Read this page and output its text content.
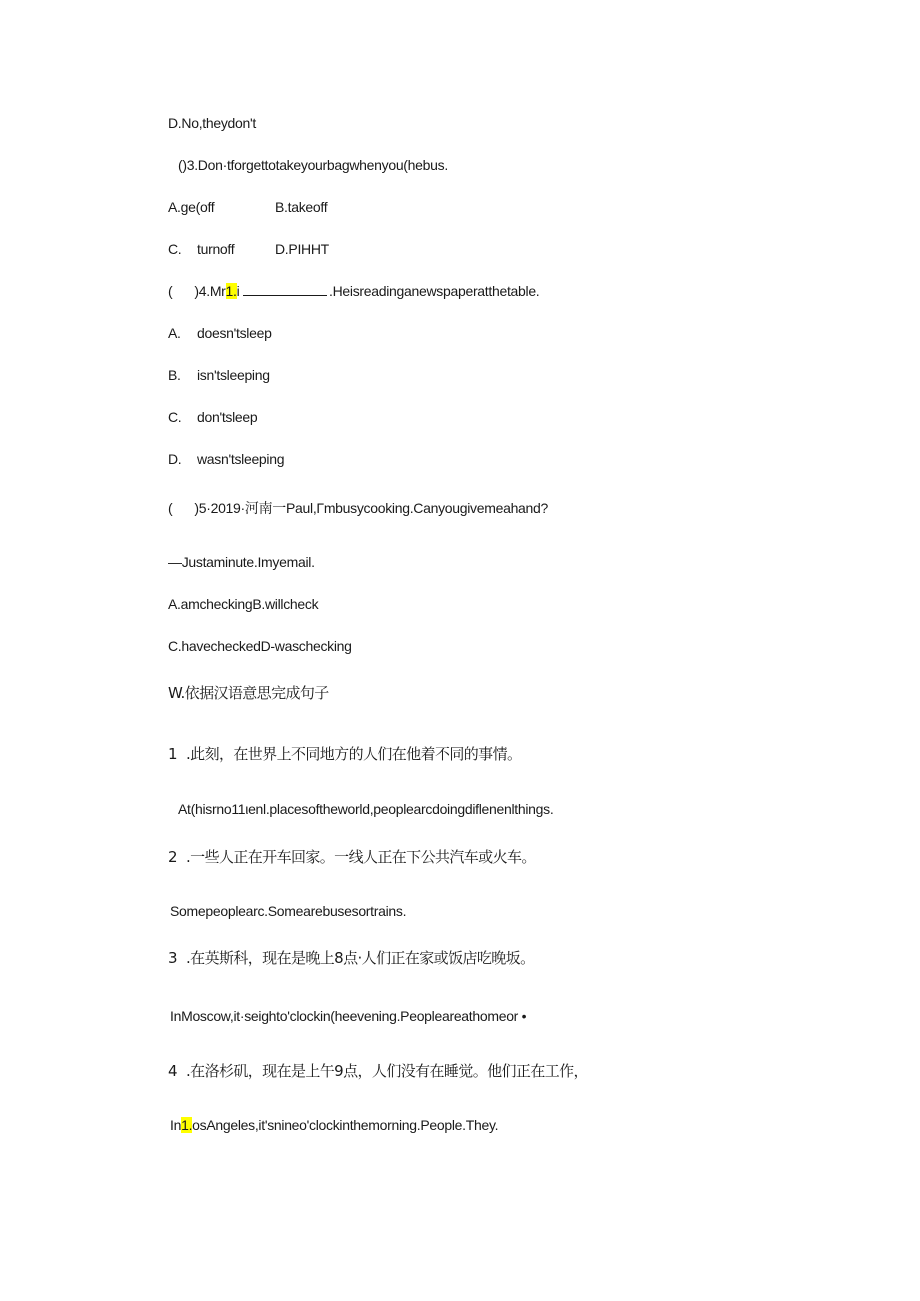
D.No,theydon't
()3.Don·tforgettotakeyourbagwhenyou(hebus.
A.ge(off	B.takeoff
C. turnoff	D.PIHHT
( )4.Mr1.i	.Heisreadinganewspaperatthetable.
A. doesn'tsleep
B. isn'tsleeping
C. don'tsleep
D. wasn'tsleeping
( )5·2019·河南一Paul,Γmbusycooking.Canyougivemeahand?
—Justaminute.Imyemail.
A.amcheckingB.willcheck
C.havecheckedD-waschecking
W.依据汉语意思完成句子
1 .此刻，在世界上不同地方的人们在他着不同的事情。
At(hisrno11ιenl.placesoftheworld,peoplearcdoingdiflenenlthings.
2 .一些人正在开车回家。一线人正在下公共汽车或火车。
Somepeoplearc.Somearebusesortrains.
3 .在英斯科，现在是晚上8点·人们正在家或饭店吃晚坂。
InMoscow,it·seighto'clockin(heevening.Peopleareathomeor •
4 .在洛杉矶，现在是上午9点，人们没有在睡觉。他们正在工作，
In1.osAngeles,it'snineo'clockinthemorning.People.They.
